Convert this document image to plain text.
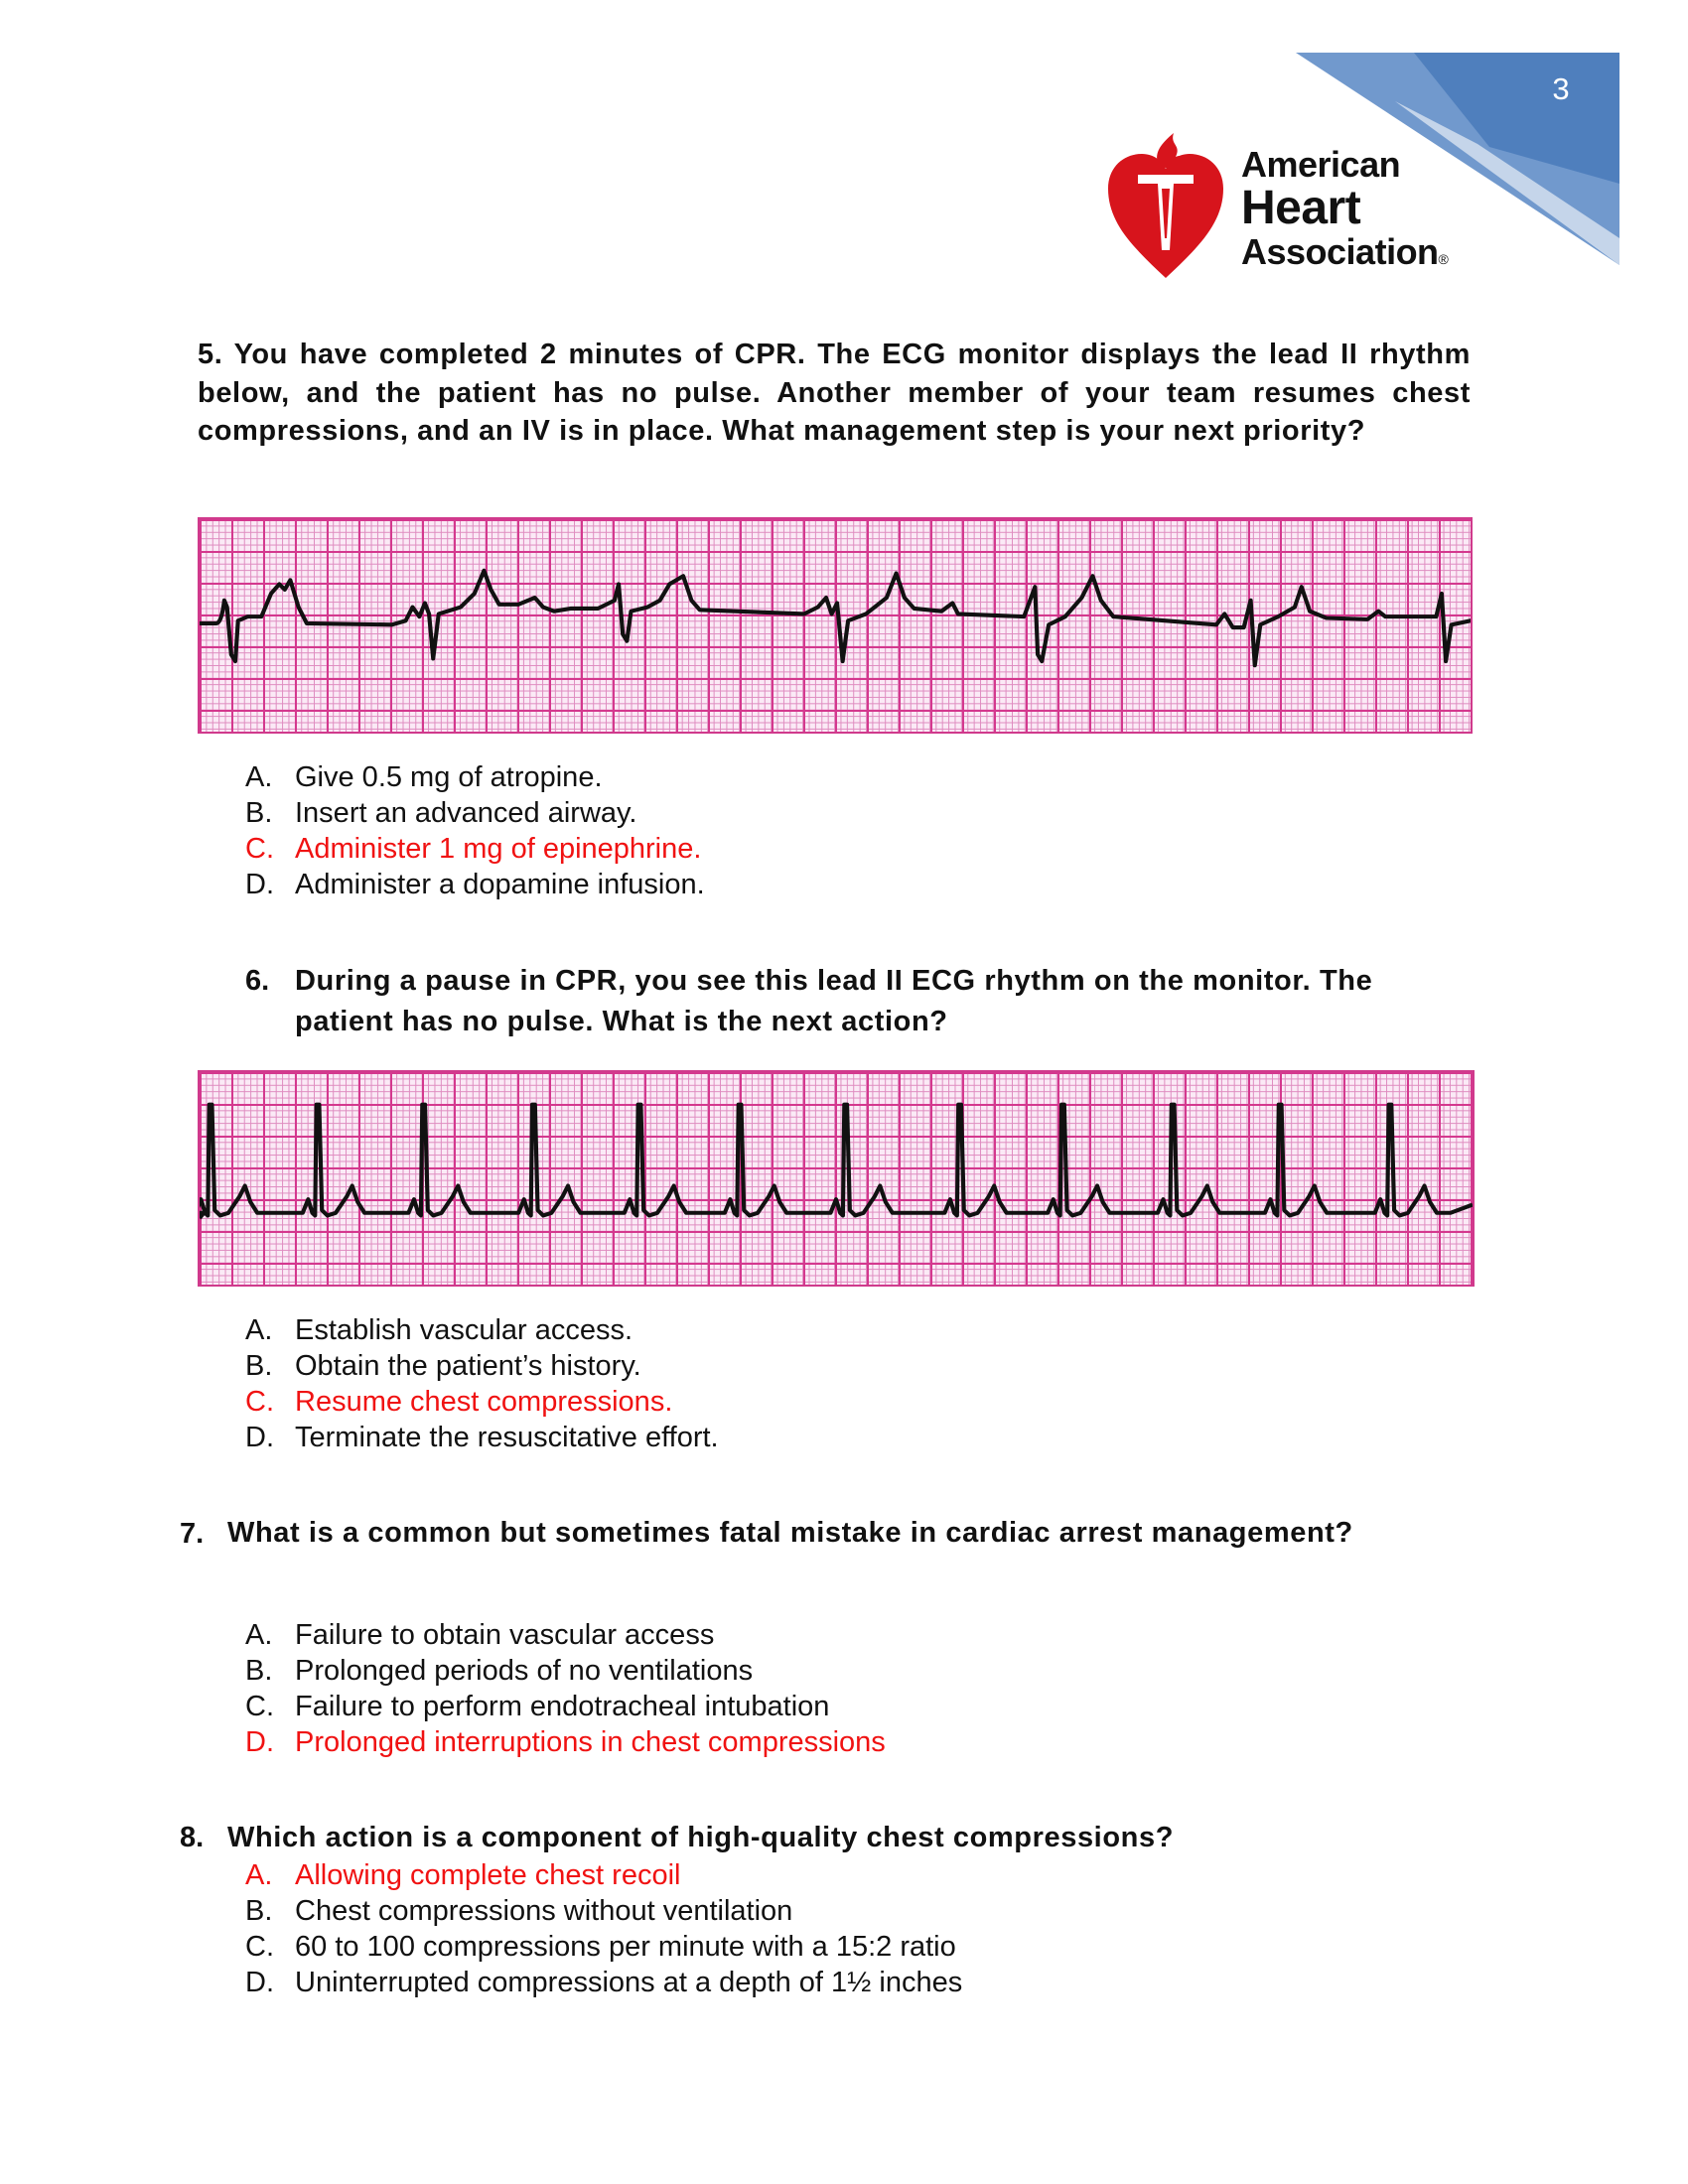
3
American
Heart
Association®
5. You have completed 2 minutes of CPR. The ECG monitor displays the lead II rhythm below, and the patient has no pulse. Another member of your team resumes chest compressions, and an IV is in place. What management step is your next priority?
A. Give 0.5 mg of atropine.
B. Insert an advanced airway.
C. Administer 1 mg of epinephrine.
D. Administer a dopamine infusion.
6. During a pause in CPR, you see this lead II ECG rhythm on the monitor. The patient has no pulse. What is the next action?
A. Establish vascular access.
B. Obtain the patient’s history.
C. Resume chest compressions.
D. Terminate the resuscitative effort.
7. What is a common but sometimes fatal mistake in cardiac arrest management?
A. Failure to obtain vascular access
B. Prolonged periods of no ventilations
C. Failure to perform endotracheal intubation
D. Prolonged interruptions in chest compressions
8. Which action is a component of high-quality chest compressions?
A. Allowing complete chest recoil
B. Chest compressions without ventilation
C. 60 to 100 compressions per minute with a 15:2 ratio
D. Uninterrupted compressions at a depth of 1½ inches
